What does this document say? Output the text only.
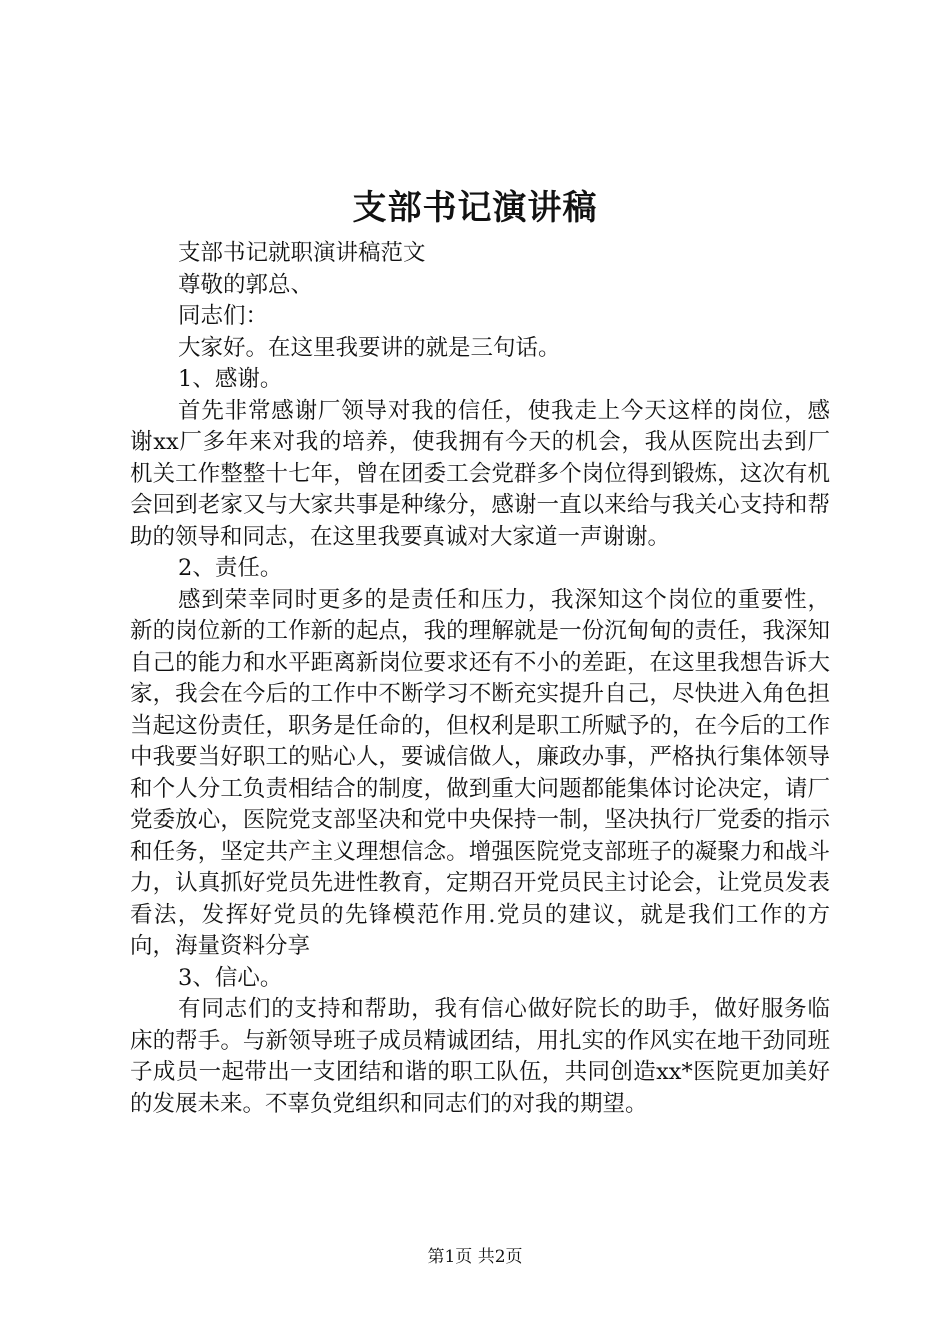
支部书记演讲稿

支部书记就职演讲稿范文

尊敬的郭总、

同志们：

大家好。在这里我要讲的就是三句话。

1、感谢。

首先非常感谢厂领导对我的信任，使我走上今天这样的岗位，感谢xx厂多年来对我的培养，使我拥有今天的机会，我从医院出去到厂机关工作整整十七年，曾在团委工会党群多个岗位得到锻炼，这次有机会回到老家又与大家共事是种缘分，感谢一直以来给与我关心支持和帮助的领导和同志，在这里我要真诚对大家道一声谢谢。

2、责任。

感到荣幸同时更多的是责任和压力，我深知这个岗位的重要性，新的岗位新的工作新的起点，我的理解就是一份沉甸甸的责任，我深知自己的能力和水平距离新岗位要求还有不小的差距，在这里我想告诉大家，我会在今后的工作中不断学习不断充实提升自己，尽快进入角色担当起这份责任，职务是任命的，但权利是职工所赋予的，在今后的工作中我要当好职工的贴心人，要诚信做人，廉政办事，严格执行集体领导和个人分工负责相结合的制度，做到重大问题都能集体讨论决定，请厂党委放心，医院党支部坚决和党中央保持一制，坚决执行厂党委的指示和任务，坚定共产主义理想信念。增强医院党支部班子的凝聚力和战斗力，认真抓好党员先进性教育，定期召开党员民主讨论会，让党员发表看法，发挥好党员的先锋模范作用.党员的建议，就是我们工作的方向，海量资料分享

3、信心。

有同志们的支持和帮助，我有信心做好院长的助手，做好服务临床的帮手。与新领导班子成员精诚团结，用扎实的作风实在地干劲同班子成员一起带出一支团结和谐的职工队伍，共同创造xx*医院更加美好的发展未来。不辜负党组织和同志们的对我的期望。

第1页 共2页
